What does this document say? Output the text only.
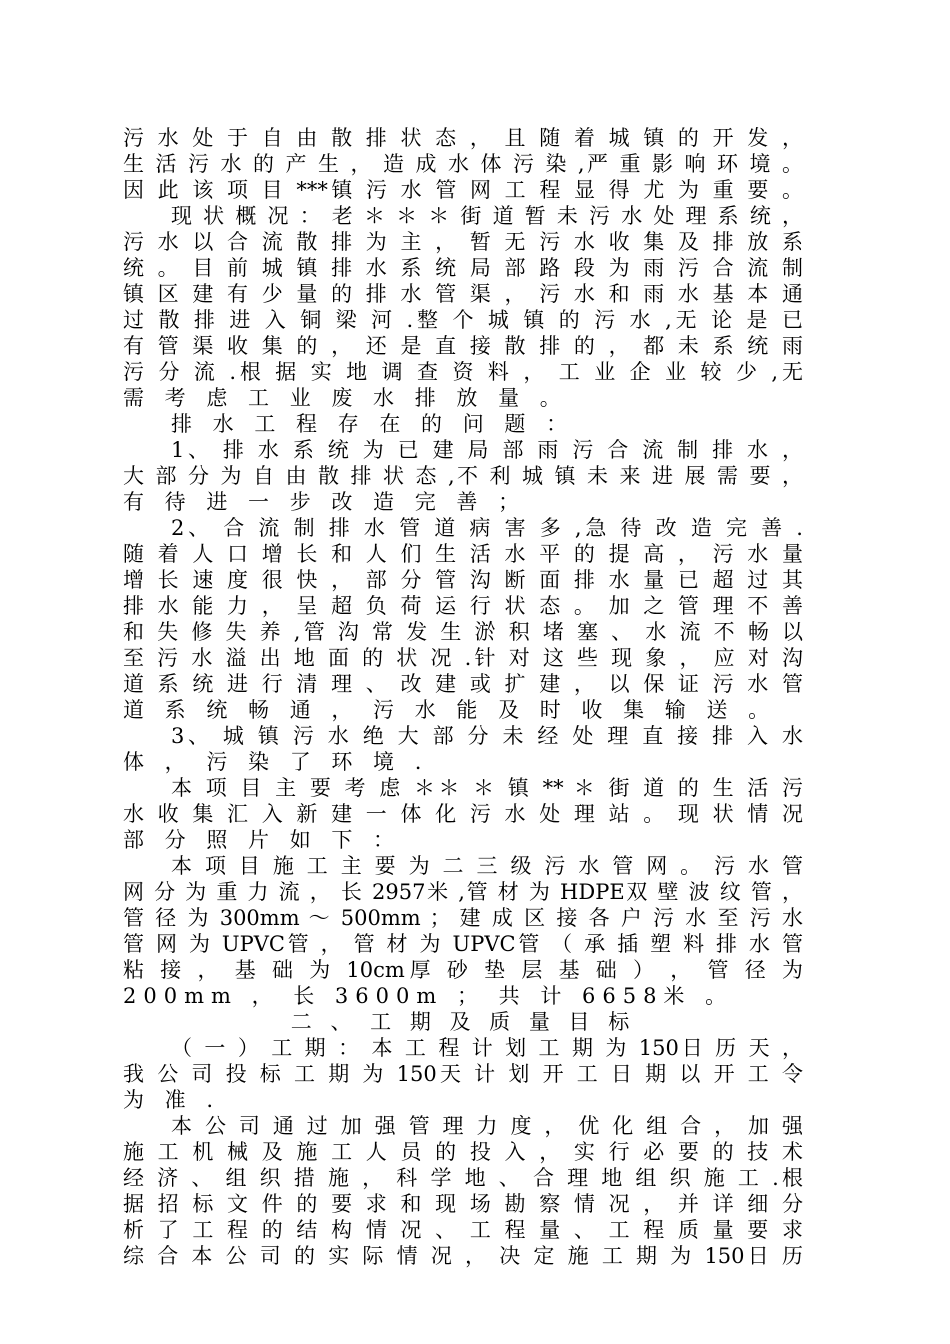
污 水 处 于 自 由 散 排 状 态 ， 且 随 着 城 镇 的 开 发 ，
生 活 污 水 的 产 生 ， 造 成 水 体 污 染 ,严 重 影 响 环 境 。
因 此 该 项 目 ***镇 污 水 管 网 工 程 显 得 尤 为 重 要 。
现 状 概 况 ： 老 ＊ ＊ ＊ 街 道 暂 未 污 水 处 理 系 统 ，
污 水 以 合 流 散 排 为 主 ， 暂 无 污 水 收 集 及 排 放 系
统 。 目 前 城 镇 排 水 系 统 局 部 路 段 为 雨 污 合 流 制
镇 区 建 有 少 量 的 排 水 管 渠 ， 污 水 和 雨 水 基 本 通
过 散 排 进 入 铜 梁 河 .整 个 城 镇 的 污 水 ,无 论 是 已
有 管 渠 收 集 的 ， 还 是 直 接 散 排 的 ， 都 未 系 统 雨
污 分 流 .根 据 实 地 调 查 资 料 ， 工 业 企 业 较 少 ,无
需 考 虑 工 业 废 水 排 放 量 。
排 水 工 程 存 在 的 问 题 ：
1、 排 水 系 统 为 已 建 局 部 雨 污 合 流 制 排 水 ，
大 部 分 为 自 由 散 排 状 态 ,不 利 城 镇 未 来 进 展 需 要 ，
有 待 进 一 步 改 造 完 善 ；
2、 合 流 制 排 水 管 道 病 害 多 ,急 待 改 造 完 善 .
随 着 人 口 增 长 和 人 们 生 活 水 平 的 提 高 ， 污 水 量
增 长 速 度 很 快 ， 部 分 管 沟 断 面 排 水 量 已 超 过 其
排 水 能 力 ， 呈 超 负 荷 运 行 状 态 。 加 之 管 理 不 善
和 失 修 失 养 ,管 沟 常 发 生 淤 积 堵 塞 、 水 流 不 畅 以
至 污 水 溢 出 地 面 的 状 况 .针 对 这 些 现 象 ， 应 对 沟
道 系 统 进 行 清 理 、 改 建 或 扩 建 ， 以 保 证 污 水 管
道 系 统 畅 通 ， 污 水 能 及 时 收 集 输 送 。
3、 城 镇 污 水 绝 大 部 分 未 经 处 理 直 接 排 入 水
体 ， 污 染 了 环 境 .
本 项 目 主 要 考 虑 ＊＊ ＊ 镇 ** ＊ 街 道 的 生 活 污
水 收 集 汇 入 新 建 一 体 化 污 水 处 理 站 。 现 状 情 况
部 分 照 片 如 下 ：
本 项 目 施 工 主 要 为 二 三 级 污 水 管 网 。 污 水 管
网 分 为 重 力 流 ， 长 2957米 ,管 材 为 HDPE双 壁 波 纹 管 ，
管 径 为 300mm ～ 500mm ； 建 成 区 接 各 户 污 水 至 污 水
管 网 为 UPVC管 ， 管 材 为 UPVC管 （ 承 插 塑 料 排 水 管
粘 接 ， 基 础 为 10cm厚 砂 垫 层 基 础 ） ， 管 径 为
200mm ， 长 3600m ； 共 计 6658米 。
二 、 工 期 及 质 量 目 标
（ 一 ） 工 期 ： 本 工 程 计 划 工 期 为 150日 历 天 ，
我 公 司 投 标 工 期 为 150天 计 划 开 工 日 期 以 开 工 令
为 准 .
本 公 司 通 过 加 强 管 理 力 度 ， 优 化 组 合 ， 加 强
施 工 机 械 及 施 工 人 员 的 投 入 ， 实 行 必 要 的 技 术
经 济 、 组 织 措 施 ， 科 学 地 、 合 理 地 组 织 施 工 .根
据 招 标 文 件 的 要 求 和 现 场 勘 察 情 况 ， 并 详 细 分
析 了 工 程 的 结 构 情 况 、 工 程 量 、 工 程 质 量 要 求
综 合 本 公 司 的 实 际 情 况 ， 决 定 施 工 期 为 150日 历
